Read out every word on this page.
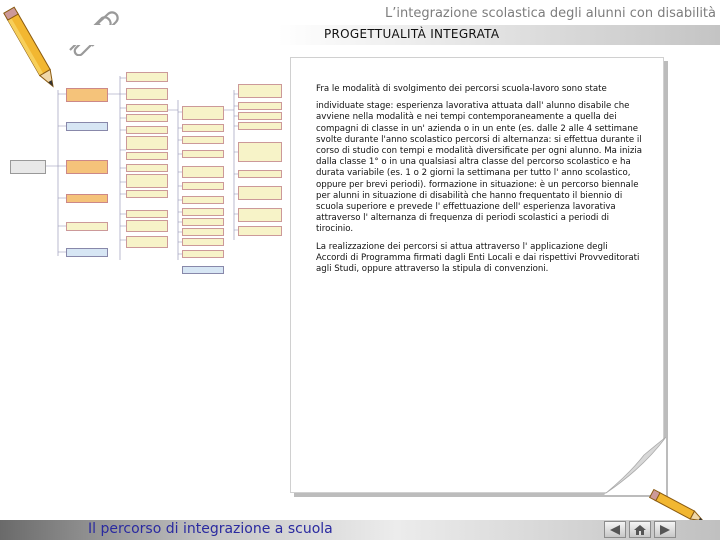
L’integrazione scolastica degli alunni con disabilità
PROGETTUALITÀ INTEGRATA

Fra le modalità di svolgimento dei percorsi scuola-lavoro sono state

individuate stage: esperienza lavorativa attuata dall' alunno disabile che avviene nella modalità e nei tempi contemporaneamente a quella dei compagni di classe in un' azienda o in un ente (es. dalle 2 alle 4 settimane svolte durante l'anno scolastico percorsi di alternanza: si effettua durante il corso di studio con tempi e modalità diversificate per ogni alunno. Ma inizia dalla classe 1° o in una qualsiasi altra classe del percorso scolastico e ha durata variabile (es. 1 o 2 giorni la settimana per tutto l' anno scolastico, oppure per brevi periodi). formazione in situazione: è un percorso biennale per alunni in situazione di disabilità che hanno frequentato il biennio di scuola superiore e prevede l' effettuazione dell' esperienza lavorativa attraverso l' alternanza di frequenza di periodi scolastici a periodi di tirocinio.

La realizzazione dei percorsi si attua attraverso l' applicazione degli Accordi di Programma firmati dagli Enti Locali e dai rispettivi Provveditorati agli Studi, oppure attraverso la stipula di convenzioni.

Il percorso di integrazione a scuola
